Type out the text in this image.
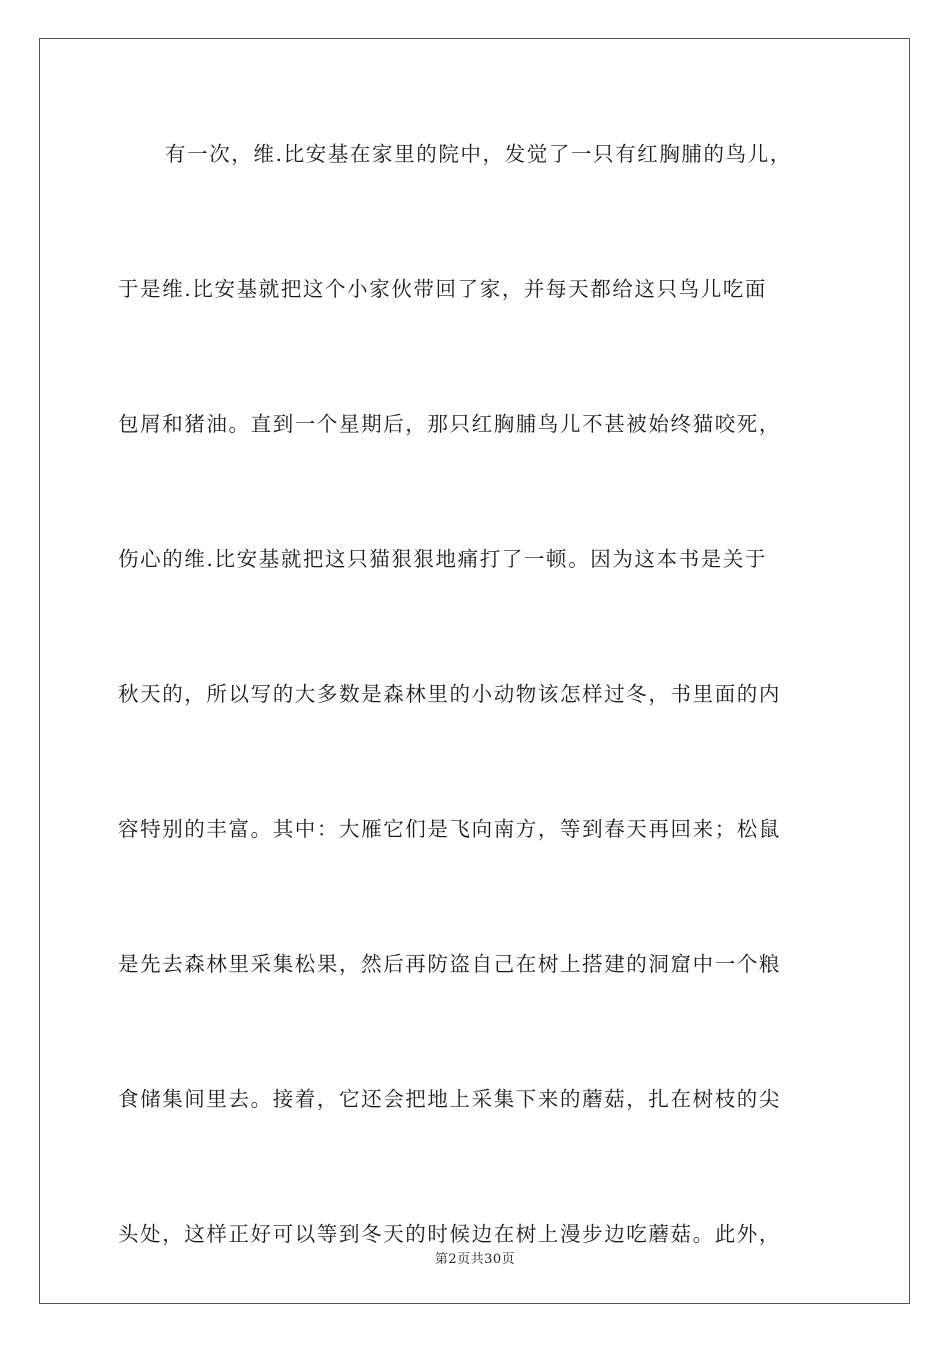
有一次，维.比安基在家里的院中，发觉了一只有红胸脯的鸟儿，
于是维.比安基就把这个小家伙带回了家，并每天都给这只鸟儿吃面
包屑和猪油。直到一个星期后，那只红胸脯鸟儿不甚被始终猫咬死，
伤心的维.比安基就把这只猫狠狠地痛打了一顿。因为这本书是关于
秋天的，所以写的大多数是森林里的小动物该怎样过冬，书里面的内
容特别的丰富。其中：大雁它们是飞向南方，等到春天再回来；松鼠
是先去森林里采集松果，然后再防盗自己在树上搭建的洞窟中一个粮
食储集间里去。接着，它还会把地上采集下来的蘑菇，扎在树枝的尖
头处，这样正好可以等到冬天的时候边在树上漫步边吃蘑菇。此外，
第2页共30页
